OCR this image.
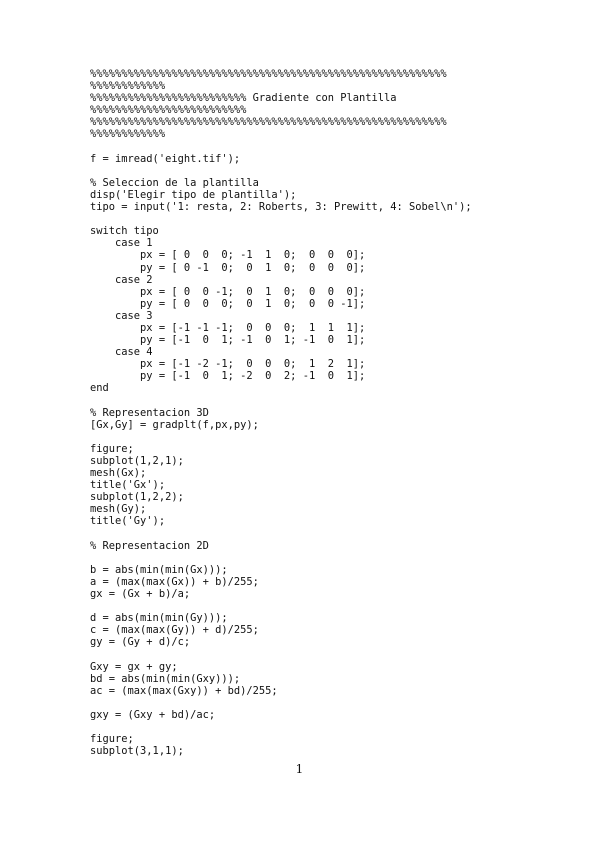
%%%%%%%%%%%%%%%%%%%%%%%%%%%%%%%%%%%%%%%%%%%%%%%%%%%%%%%%%
%%%%%%%%%%%%
%%%%%%%%%%%%%%%%%%%%%%%%% Gradiente con Plantilla
%%%%%%%%%%%%%%%%%%%%%%%%%
%%%%%%%%%%%%%%%%%%%%%%%%%%%%%%%%%%%%%%%%%%%%%%%%%%%%%%%%%
%%%%%%%%%%%%

f = imread('eight.tif');

% Seleccion de la plantilla
disp('Elegir tipo de plantilla');
tipo = input('1: resta, 2: Roberts, 3: Prewitt, 4: Sobel\n');

switch tipo
case 1
px = [ 0  0  0; -1  1  0;  0  0  0];
py = [ 0 -1  0;  0  1  0;  0  0  0];
case 2
px = [ 0  0 -1;  0  1  0;  0  0  0];
py = [ 0  0  0;  0  1  0;  0  0 -1];
case 3
px = [-1 -1 -1;  0  0  0;  1  1  1];
py = [-1  0  1; -1  0  1; -1  0  1];
case 4
px = [-1 -2 -1;  0  0  0;  1  2  1];
py = [-1  0  1; -2  0  2; -1  0  1];
end

% Representacion 3D
[Gx,Gy] = gradplt(f,px,py);

figure;
subplot(1,2,1);
mesh(Gx);
title('Gx');
subplot(1,2,2);
mesh(Gy);
title('Gy');

% Representacion 2D

b = abs(min(min(Gx)));
a = (max(max(Gx)) + b)/255;
gx = (Gx + b)/a;

d = abs(min(min(Gy)));
c = (max(max(Gy)) + d)/255;
gy = (Gy + d)/c;

Gxy = gx + gy;
bd = abs(min(min(Gxy)));
ac = (max(max(Gxy)) + bd)/255;

gxy = (Gxy + bd)/ac;

figure;
subplot(3,1,1);
1
